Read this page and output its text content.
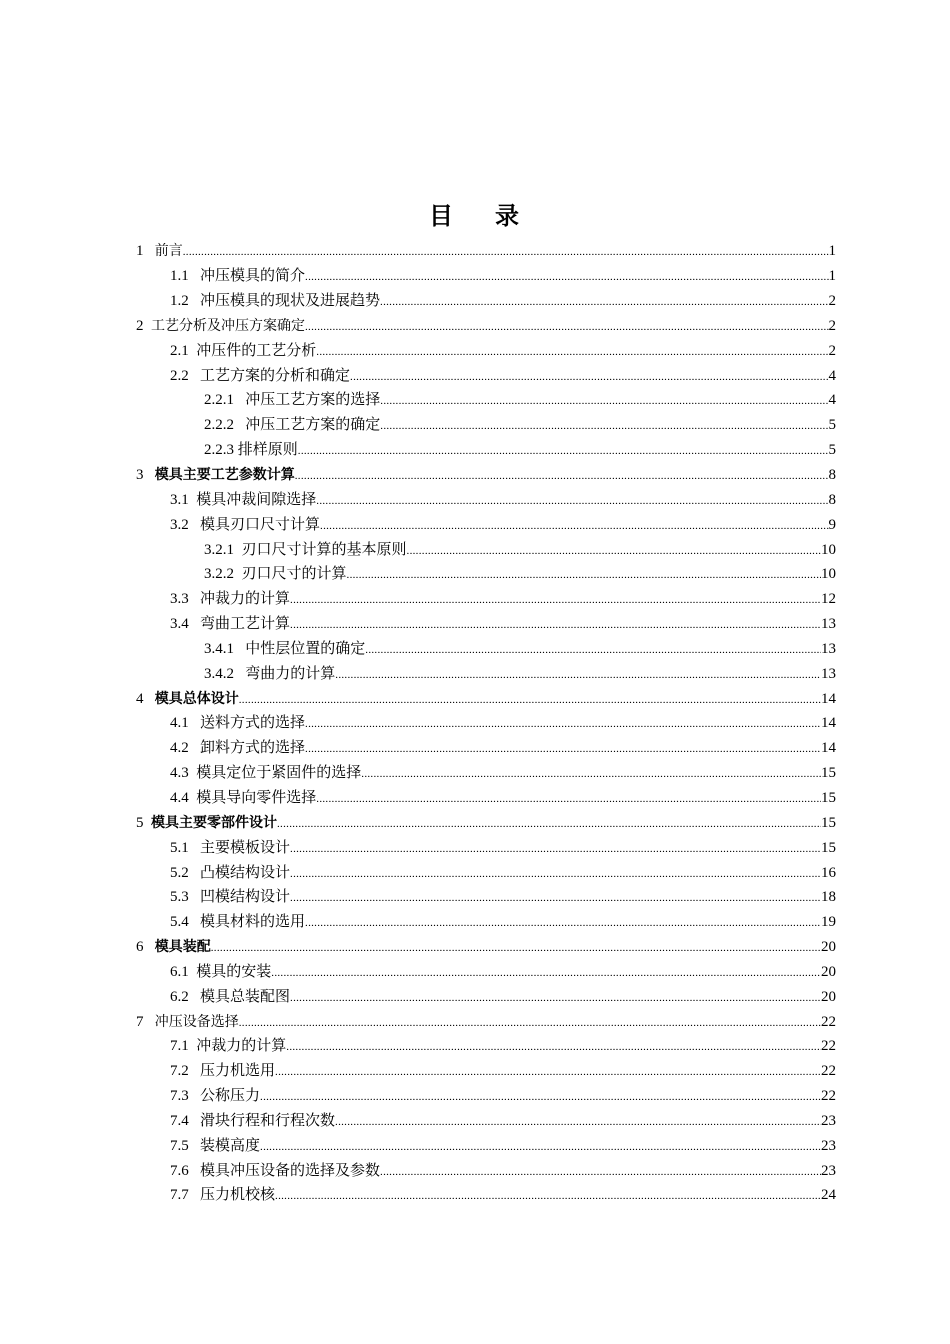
目 录
1 前言 .....	1
1.1 冲压模具的简介 .....	1
1.2 冲压模具的现状及进展趋势 .....	2
2 工艺分析及冲压方案确定 .....	2
2.1 冲压件的工艺分析 .....	2
2.2 工艺方案的分析和确定 .....	4
2.2.1 冲压工艺方案的选择 .....	4
2.2.2 冲压工艺方案的确定 .....	5
2.2.3 排样原则 .....	5
3 模具主要工艺参数计算 .....	8
3.1 模具冲裁间隙选择 .....	8
3.2 模具刃口尺寸计算 .....	9
3.2.1 刃口尺寸计算的基本原则 .....	10
3.2.2 刃口尺寸的计算 .....	10
3.3 冲裁力的计算 .....	12
3.4 弯曲工艺计算 .....	13
3.4.1 中性层位置的确定 .....	13
3.4.2 弯曲力的计算 .....	13
4 模具总体设计 .....	14
4.1 送料方式的选择 .....	14
4.2 卸料方式的选择 .....	14
4.3 模具定位于紧固件的选择 .....	15
4.4 模具导向零件选择 .....	15
5 模具主要零部件设计 .....	15
5.1 主要模板设计 .....	15
5.2 凸模结构设计 .....	16
5.3 凹模结构设计 .....	18
5.4 模具材料的选用 .....	19
6 模具装配 .....	20
6.1 模具的安装 .....	20
6.2 模具总装配图 .....	20
7 冲压设备选择 .....	22
7.1 冲裁力的计算 .....	22
7.2 压力机选用 .....	22
7.3 公称压力 .....	22
7.4 滑块行程和行程次数 .....	23
7.5 装模高度 .....	23
7.6 模具冲压设备的选择及参数 .....	23
7.7 压力机校核 .....	24
